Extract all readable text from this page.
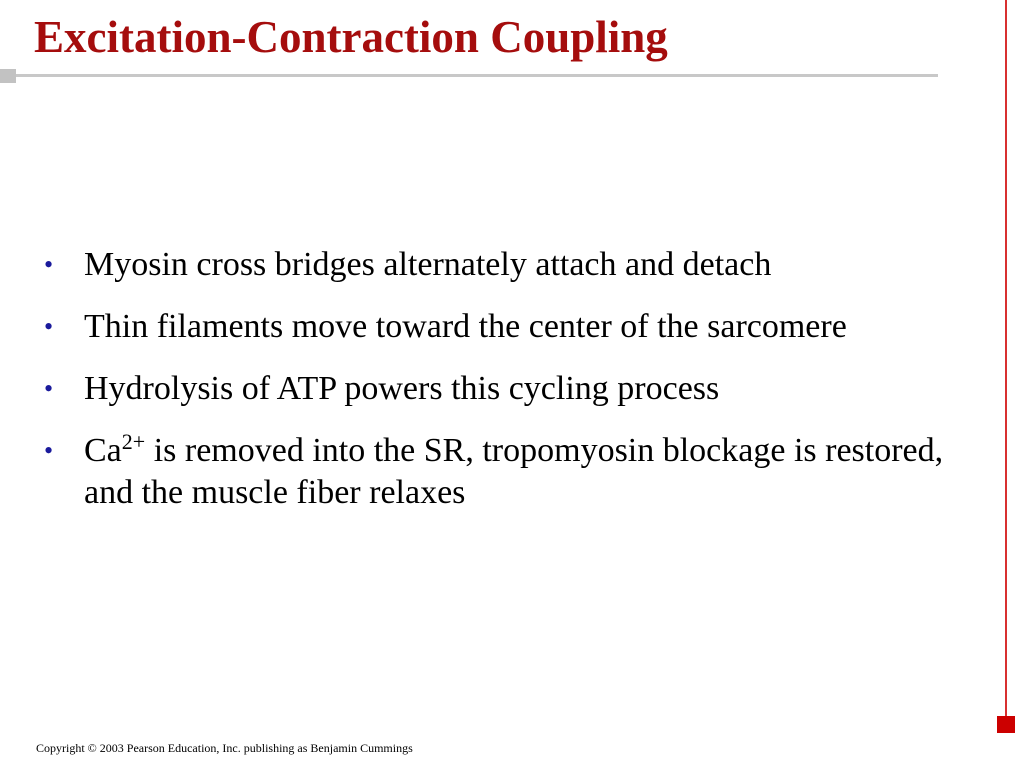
Excitation-Contraction Coupling
• Myosin cross bridges alternately attach and detach
• Thin filaments move toward the center of the sarcomere
• Hydrolysis of ATP powers this cycling process
• $Ca^{2+}$ is removed into the SR, tropomyosin blockage is restored, and the muscle fiber relaxes
Copyright © 2003 Pearson Education, Inc. publishing as Benjamin Cummings
